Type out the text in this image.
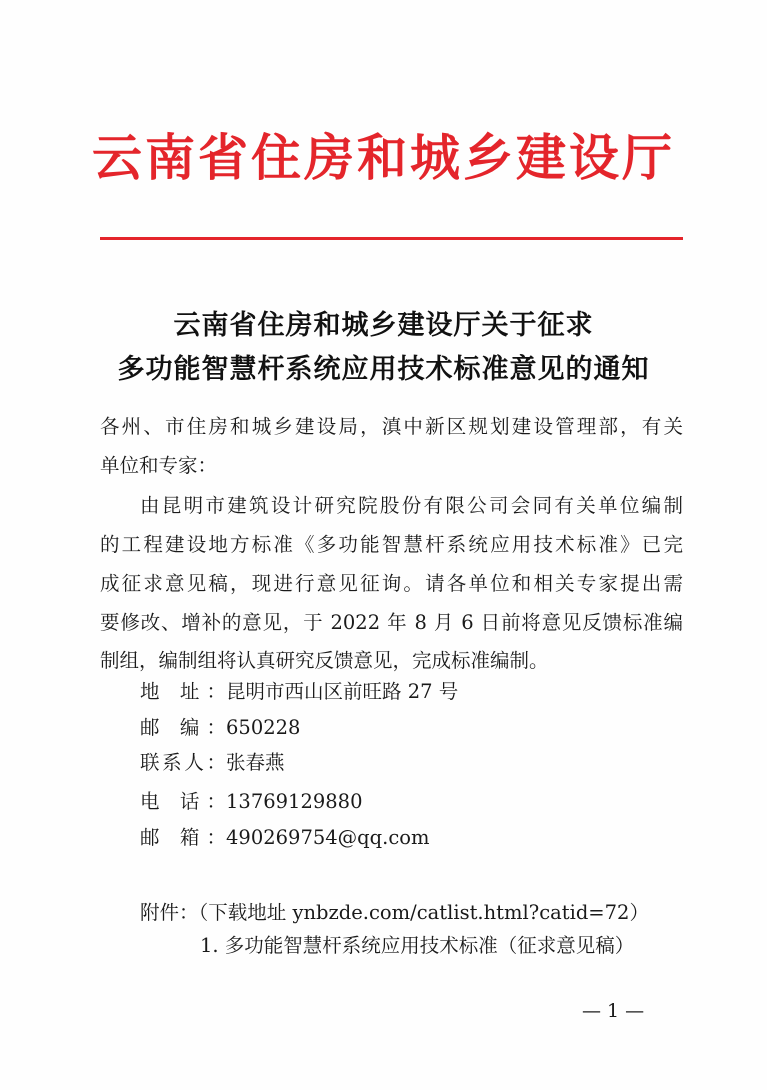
云南省住房和城乡建设厅
云南省住房和城乡建设厅关于征求
多功能智慧杆系统应用技术标准意见的通知
各州、市住房和城乡建设局，滇中新区规划建设管理部，有关
单位和专家：
由昆明市建筑设计研究院股份有限公司会同有关单位编制
的工程建设地方标准《多功能智慧杆系统应用技术标准》已完
成征求意见稿，现进行意见征询。请各单位和相关专家提出需
要修改、增补的意见，于 2022 年 8 月 6 日前将意见反馈标准编
制组，编制组将认真研究反馈意见，完成标准编制。
地 址：昆明市西山区前旺路 27 号
邮 编：650228
联系人：张春燕
电 话：13769129880
邮 箱：490269754@qq.com
附件：（下载地址 ynbzde.com/catlist.html?catid=72）
1. 多功能智慧杆系统应用技术标准（征求意见稿）
— 1 —
